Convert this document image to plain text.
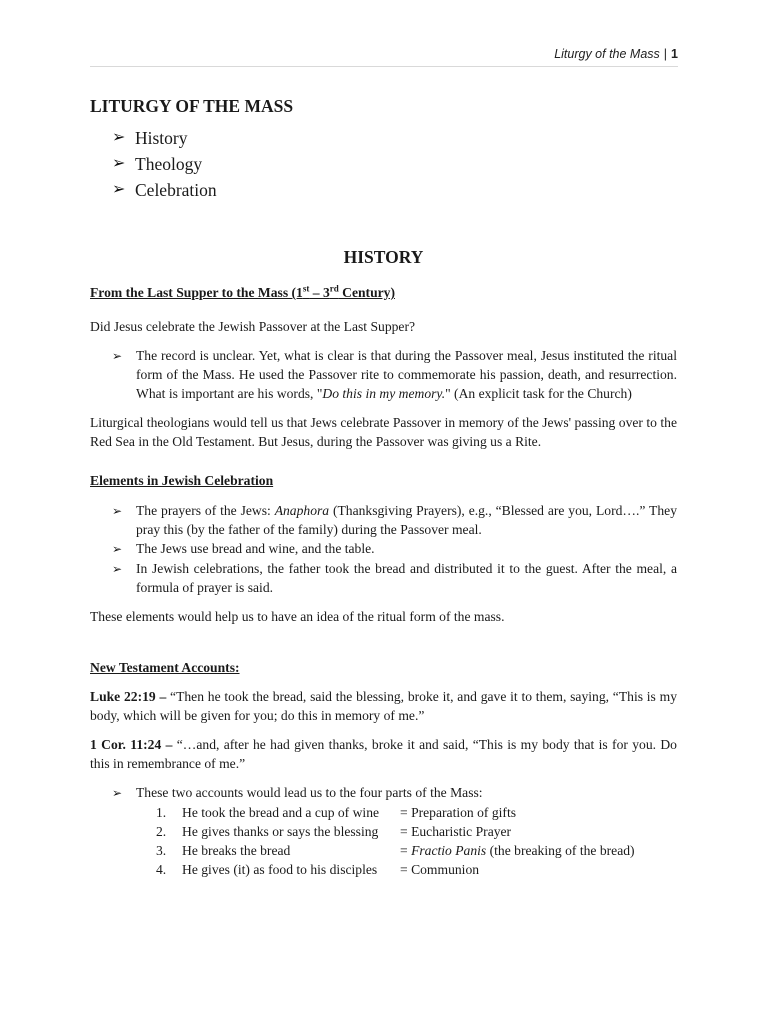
Liturgy of the Mass | 1
LITURGY OF THE MASS
➢ History
➢ Theology
➢ Celebration
HISTORY

From the Last Supper to the Mass (1st – 3rd Century)

Did Jesus celebrate the Jewish Passover at the Last Supper?

➢	The record is unclear. Yet, what is clear is that during the Passover meal, Jesus instituted the ritual form of the Mass. He used the Passover rite to commemorate his passion, death, and resurrection. What is important are his words, "Do this in my memory." (An explicit task for the Church)

Liturgical theologians would tell us that Jews celebrate Passover in memory of the Jews' passing over to the Red Sea in the Old Testament. But Jesus, during the Passover was giving us a Rite.

Elements in Jewish Celebration

➢	The prayers of the Jews: Anaphora (Thanksgiving Prayers), e.g., “Blessed are you, Lord….” They pray this (by the father of the family) during the Passover meal.
➢	The Jews use bread and wine, and the table.
➢	In Jewish celebrations, the father took the bread and distributed it to the guest. After the meal, a formula of prayer is said.

These elements would help us to have an idea of the ritual form of the mass.

New Testament Accounts:

Luke 22:19 – “Then he took the bread, said the blessing, broke it, and gave it to them, saying, “This is my body, which will be given for you; do this in memory of me.”

1 Cor. 11:24 – “…and, after he had given thanks, broke it and said, “This is my body that is for you. Do this in remembrance of me.”

➢	These two accounts would lead us to the four parts of the Mass:
1.	He took the bread and a cup of wine	= Preparation of gifts
2.	He gives thanks or says the blessing	= Eucharistic Prayer
3.	He breaks the bread	= Fractio Panis (the breaking of the bread)
4.	He gives (it) as food to his disciples	= Communion
